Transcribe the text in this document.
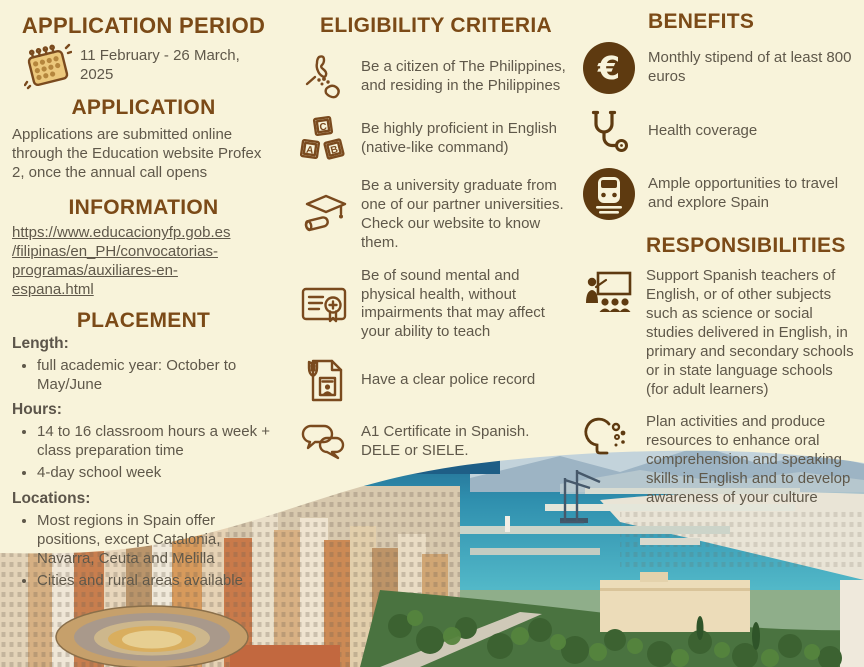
APPLICATION PERIOD
11 February - 26 March, 2025
APPLICATION

Applications are submitted online through the Education website Profex 2, once the annual call opens

INFORMATION
https://www.educacionyfp.gob.es
/filipinas/en_PH/convocatorias-
programas/auxiliares-en-
espana.html
PLACEMENT
Length:
• full academic year: October to May/June
Hours:
• 14 to 16 classroom hours a week + class preparation time
• 4-day school week
Locations:
• Most regions in Spain offer positions, except Catalonia, Navarra, Ceuta and Melilla
• Cities and rural areas available
ELIGIBILITY CRITERIA
Be a citizen of The Philippines, and residing in the Philippines
C
A B
Be highly proficient in English (native-like command)
Be a university graduate from one of our partner universities. Check our website to know them.
Be of sound mental and physical health, without impairments that may affect your ability to teach
Have a clear police record
A1 Certificate in Spanish. DELE or SIELE.
BENEFITS
€ Monthly stipend of at least 800 euros
Health coverage
Ample opportunities to travel and explore Spain
RESPONSIBILITIES
Support Spanish teachers of English, or of other subjects such as science or social studies delivered in English, in primary and secondary schools or in state language schools (for adult learners)
Plan activities and produce resources to enhance oral comprehension and speaking skills in English and to develop awareness of your culture
